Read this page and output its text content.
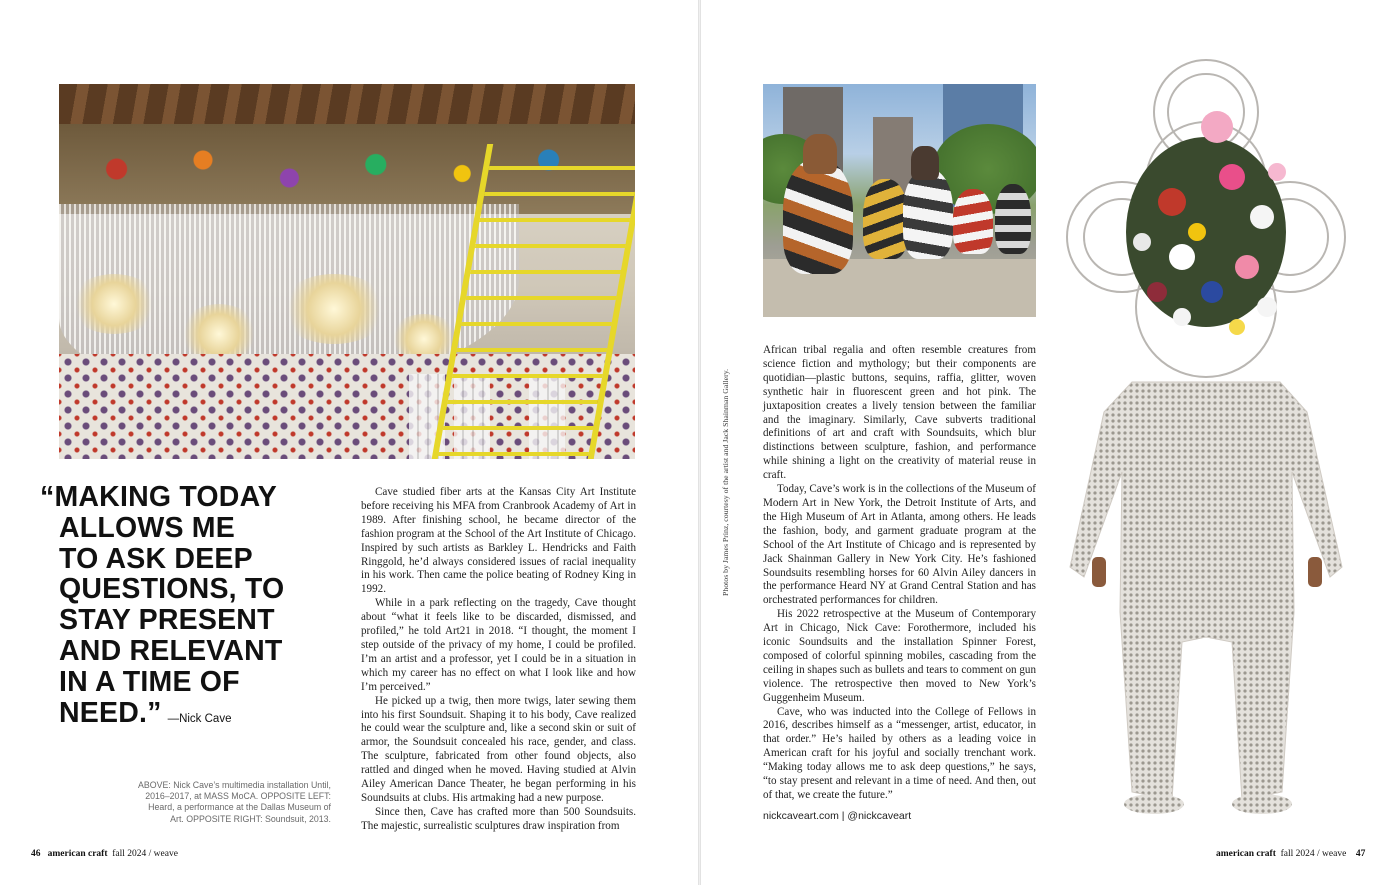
“MAKING TODAY
ALLOWS ME
TO ASK DEEP
QUESTIONS, TO
STAY PRESENT
AND RELEVANT
IN A TIME OF
NEED.” —Nick Cave
ABOVE: Nick Cave’s multimedia installation Until,
2016–2017, at MASS MoCA. OPPOSITE LEFT:
Heard, a performance at the Dallas Museum of
Art. OPPOSITE RIGHT: Soundsuit, 2013.

Cave studied fiber arts at the Kansas City Art Institute before receiving his MFA from Cranbrook Academy of Art in 1989. After finishing school, he became director of the fashion program at the School of the Art Institute of Chicago. Inspired by such artists as Barkley L. Hendricks and Faith Ringgold, he’d always considered issues of racial inequality in his work. Then came the police beating of Rodney King in 1992.

While in a park reflecting on the tragedy, Cave thought about “what it feels like to be discarded, dismissed, and profiled,” he told Art21 in 2018. “I thought, the moment I step outside of the privacy of my home, I could be profiled. I’m an artist and a professor, yet I could be in a situation in which my career has no effect on what I look like and how I’m perceived.”

He picked up a twig, then more twigs, later sewing them into his first Soundsuit. Shaping it to his body, Cave realized he could wear the sculpture and, like a second skin or suit of armor, the Soundsuit concealed his race, gender, and class. The sculpture, fabricated from other found objects, also rattled and dinged when he moved. Having studied at Alvin Ailey American Dance Theater, he began performing in his Soundsuits at clubs. His artmaking had a new purpose.

Since then, Cave has crafted more than 500 Soundsuits. The majestic, surrealistic sculptures draw inspiration from

46 american craft fall 2024 / weave

African tribal regalia and often resemble creatures from science fiction and mythology; but their components are quotidian—plastic buttons, sequins, raffia, glitter, woven synthetic hair in fluorescent green and hot pink. The juxtaposition creates a lively tension between the familiar and the imaginary. Similarly, Cave subverts traditional definitions of art and craft with Soundsuits, which blur distinctions between sculpture, fashion, and performance while shining a light on the creativity of material reuse in craft.

Today, Cave’s work is in the collections of the Museum of Modern Art in New York, the Detroit Institute of Arts, and the High Museum of Art in Atlanta, among others. He leads the fashion, body, and garment graduate program at the School of the Art Institute of Chicago and is represented by Jack Shainman Gallery in New York City. He’s fashioned Soundsuits resembling horses for 60 Alvin Ailey dancers in the performance Heard NY at Grand Central Station and has orchestrated performances for children.

His 2022 retrospective at the Museum of Contemporary Art in Chicago, Nick Cave: Forothermore, included his iconic Soundsuits and the installation Spinner Forest, composed of colorful spinning mobiles, cascading from the ceiling in shapes such as bullets and tears to comment on gun violence. The retrospective then moved to New York’s Guggenheim Museum.

Cave, who was inducted into the College of Fellows in 2016, describes himself as a “messenger, artist, educator, in that order.” He’s hailed by others as a leading voice in American craft for his joyful and socially trenchant work. “Making today allows me to ask deep questions,” he says, “to stay present and relevant in a time of need. And then, out of that, we create the future.”

nickcaveart.com | @nickcaveart
Photos by James Prinz, courtesy of the artist and Jack Shainman Gallery.
american craft fall 2024 / weave 47
